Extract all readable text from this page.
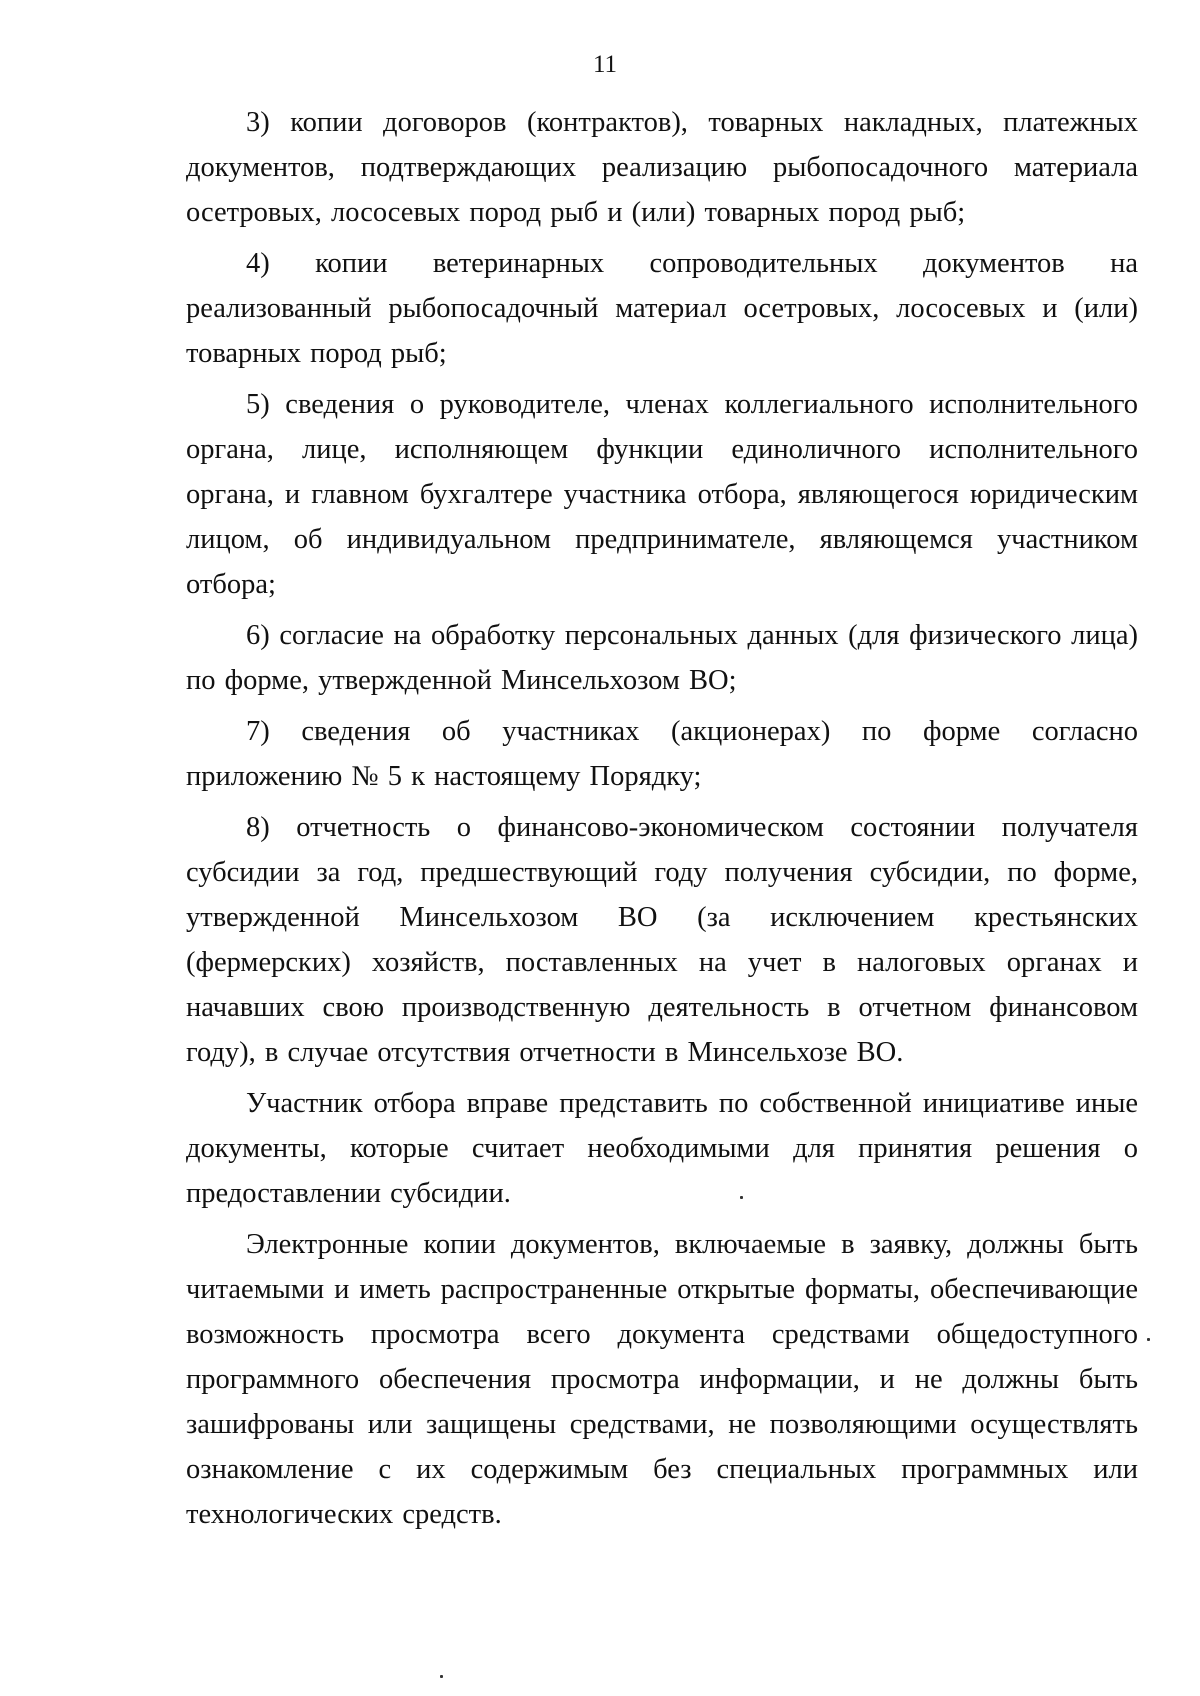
11

3) копии договоров (контрактов), товарных накладных, платежных документов, подтверждающих реализацию рыбопосадочного материала осетровых, лососевых пород рыб и (или) товарных пород рыб;

4) копии ветеринарных сопроводительных документов на реализованный рыбопосадочный материал осетровых, лососевых и (или) товарных пород рыб;

5) сведения о руководителе, членах коллегиального исполнительного органа, лице, исполняющем функции единоличного исполнительного органа, и главном бухгалтере участника отбора, являющегося юридическим лицом, об индивидуальном предпринимателе, являющемся участником отбора;

6) согласие на обработку персональных данных (для физического лица) по форме, утвержденной Минсельхозом ВО;

7) сведения об участниках (акционерах) по форме согласно приложению № 5 к настоящему Порядку;

8) отчетность о финансово-экономическом состоянии получателя субсидии за год, предшествующий году получения субсидии, по форме, утвержденной Минсельхозом ВО (за исключением крестьянских (фермерских) хозяйств, поставленных на учет в налоговых органах и начавших свою производственную деятельность в отчетном финансовом году), в случае отсутствия отчетности в Минсельхозе ВО.

Участник отбора вправе представить по собственной инициативе иные документы, которые считает необходимыми для принятия решения о предоставлении субсидии.

Электронные копии документов, включаемые в заявку, должны быть читаемыми и иметь распространенные открытые форматы, обеспечивающие возможность просмотра всего документа средствами общедоступного программного обеспечения просмотра информации, и не должны быть зашифрованы или защищены средствами, не позволяющими осуществлять ознакомление с их содержимым без специальных программных или технологических средств.
